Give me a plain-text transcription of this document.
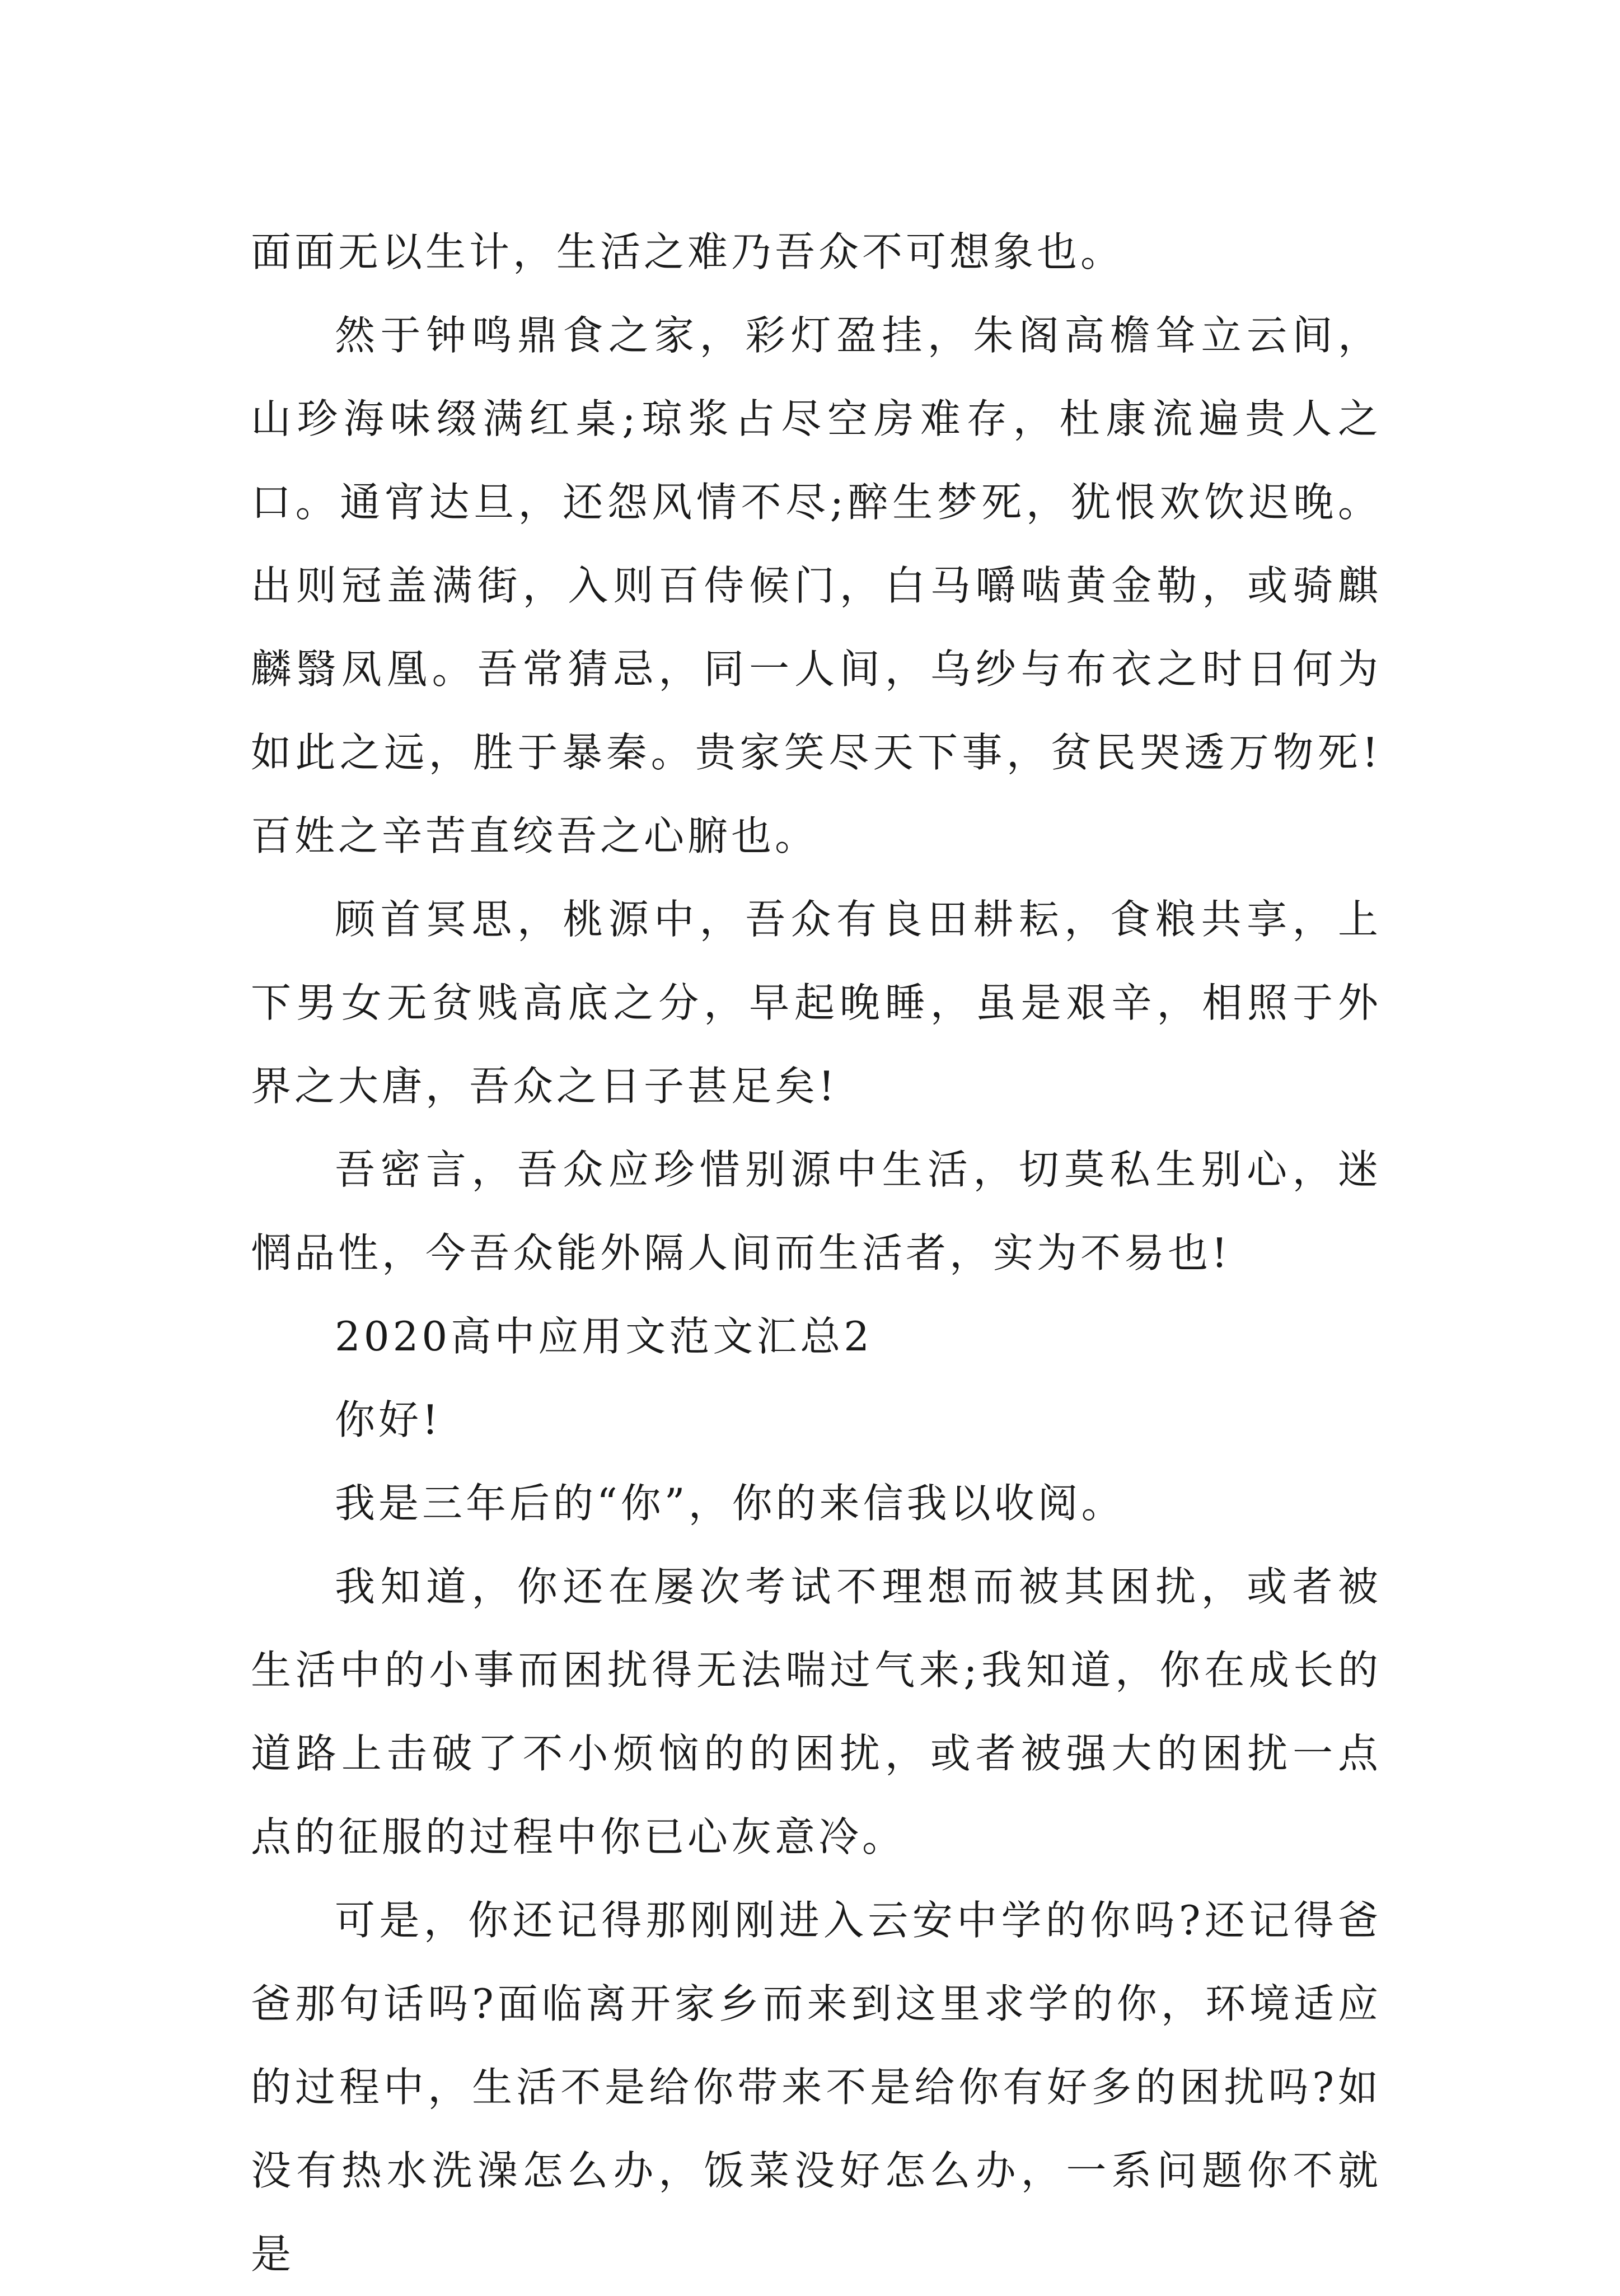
面面无以生计，生活之难乃吾众不可想象也。

然于钟鸣鼎食之家，彩灯盈挂，朱阁高檐耸立云间，山珍海味缀满红桌;琼浆占尽空房难存，杜康流遍贵人之口。通宵达旦，还怨风情不尽;醉生梦死，犹恨欢饮迟晚。出则冠盖满街，入则百侍候门，白马嚼啮黄金勒，或骑麒麟翳凤凰。吾常猜忌，同一人间，乌纱与布衣之时日何为如此之远，胜于暴秦。贵家笑尽天下事，贫民哭透万物死!百姓之辛苦直绞吾之心腑也。

顾首冥思，桃源中，吾众有良田耕耘，食粮共享，上下男女无贫贱高底之分，早起晚睡，虽是艰辛，相照于外界之大唐，吾众之日子甚足矣!

吾密言，吾众应珍惜别源中生活，切莫私生别心，迷惘品性，今吾众能外隔人间而生活者，实为不易也!

2020高中应用文范文汇总2

你好!

我是三年后的“你”，你的来信我以收阅。

我知道，你还在屡次考试不理想而被其困扰，或者被生活中的小事而困扰得无法喘过气来;我知道，你在成长的道路上击破了不小烦恼的的困扰，或者被强大的困扰一点点的征服的过程中你已心灰意冷。

可是，你还记得那刚刚进入云安中学的你吗?还记得爸爸那句话吗?面临离开家乡而来到这里求学的你，环境适应的过程中，生活不是给你带来不是给你有好多的困扰吗?如没有热水洗澡怎么办，饭菜没好怎么办，一系问题你不就是
